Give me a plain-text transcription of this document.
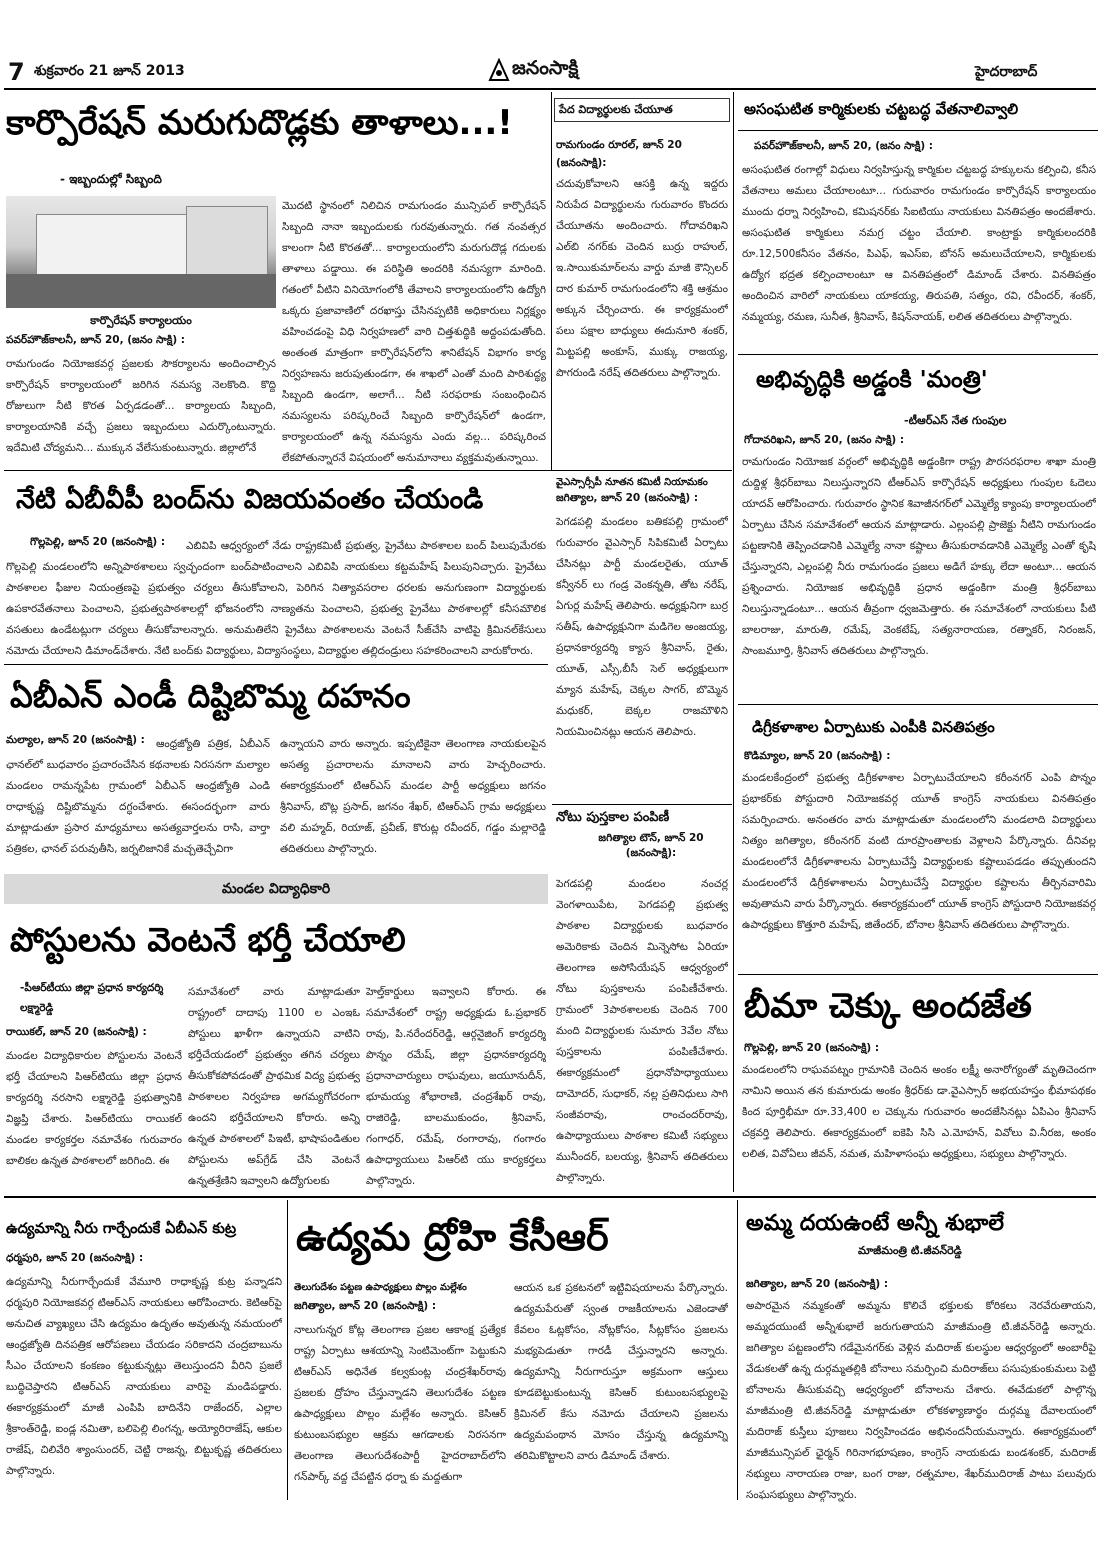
7 శుక్రవారం 21 జూన్ 2013	జనంసాక్షి	హైదరాబాద్
కార్పొరేషన్ మరుగుదొడ్లకు తాళాలు...!
- ఇబ్బందుల్లో సిబ్బంది
కార్పొరేషన్ కార్యాలయం
పవర్‌హౌజ్‌కాలనీ, జూన్ 20, (జనం సాక్షి) :

రామగుండం నియోజకవర్గ ప్రజలకు సౌకర్యాలను అందించాల్సిన కార్పొరేషన్ కార్యాలయంలో జరిగిన నమస్య నెలకొంది. కొద్ది రోజులుగా నీటి కొరత ఏర్పడడంతో... కార్యాలయ సిబ్బంది, కార్యాలయానికి వచ్చే ప్రజలు ఇబ్బందులు ఎదుర్కొంటున్నారు. ఇదేమిటి చోద్యమని... ముక్కున వేలేసుకుంటున్నారు. జిల్లాలోనే

మొదటి స్థానంలో నిలిచిన రామగుండం మున్సిపల్ కార్పొరేషన్ సిబ్బంది నానా ఇబ్బందులకు గురవుతున్నారు. గత నంవత్సర కాలంగా నీటి కొరతతో... కార్యాలయంలోని మరుగుదొడ్ల గదులకు తాళాలు పడ్డాయి. ఈ పరిస్థితి అందరికి నమస్యగా మారింది. గతంలో వీటిని వినియోగంలోకి తేవాలని కార్యాలయంలోని ఉద్యోగి ఒక్కరు ప్రజావాణిలో దరఖాస్తు చేసినప్పటికి అధికారులు నిర్లక్ష్యం వహించడంపై విధి నిర్వహణలో వారి చిత్తశుద్ధికి అద్దంపడుతోంది. అంతంత మాత్రంగా కార్పొరేషన్‌లోని శానిటేషన్ విభాగం కార్య నిర్వహణను జరుపుతుండగా, ఈ శాఖలో ఎంతో మంది పారిశుద్ధ్య సిబ్బంది ఉండగా, అలాగే... నీటి సరఫరాకు సంబంధించిన నమస్యలను పరిష్కరించే సిబ్బంది కార్పొరేషన్‌లో ఉండగా, కార్యాలయంలో ఉన్న నమస్యను ఎందు వల్ల... పరిష్కరించ లేకపోతున్నారనే విషయంలో అనుమానాలు వ్యక్తమవుతున్నాయి.

పేద విద్యార్థులకు చేయూత
రామగుండం రూరల్, జూన్ 20 (జనంసాక్షి):

చదువుకోవాలని ఆసక్తి ఉన్న ఇద్దరు నిరుపేద విద్యార్థులను గురువారం కొందరు చేయూతను అందించారు. గోదావరిఖని ఎల్‌బి నగర్‌కు చెందిన బుర్రు రాహుల్, ఇ.సాయికుమార్‌లను వార్డు మాజీ కౌన్సిలర్ దార కుమార్ రామగుండంలోని శక్తి ఆశ్రమం అక్కున చేర్చించారు. ఈ కార్యక్రమంలో పలు పక్షాల బాధ్యులు ఈదునూరి శంకర్, మిట్టపల్లి అంకూస్, ముక్కు రాజయ్య, పొగరుండి నరేష్ తదితరులు పాల్గొన్నారు.

వైఎస్సార్సీపీ నూతన కమిటీ నియామకం
జగిత్యాల, జూన్ 20 (జనంసాక్షి) :

పెగడపల్లి మండలం బతికపల్లి గ్రామంలో గురువారం వైఎస్సార్ సిపికమిటీ ఏర్పాటు చేసినట్లు పార్టీ మండలరైతు, యూత్ కన్వీనర్ లు గండ్ర వెంకన్నతి, తోట నరేష్, ఏగుర్ల మహేష్ తెలిపారు. అధ్యక్షునిగా బుర్ర సతీష్, ఉపాధ్యక్షునిగా మడిగెల అంజయ్య, ప్రధానకార్యదర్శి క్యాస శ్రీనివాస్, రైతు, యూత్, ఎస్సీ,బీసీ సెల్ అధ్యక్షులుగా మ్యాన మహేష్, చెక్కల సాగర్, బొమ్మెన మధుకర్, బెక్కల రాజమౌళిని నియమించినట్లు ఆయన తెలిపారు.

నోటు పుస్తకాల పంపిణీ
జగిత్యాల టౌన్, జూన్ 20 (జనంసాక్షి):

పెగడపల్లి మండలం నంచర్ల వెంగళాయిపేట, పెగడపల్లి ప్రభుత్వ పాఠశాల విద్యార్థులకు బుధవారం అమెరికాకు చెందిన మిన్నెసోట ఏరియా తెలంగాణ అసోసియేషన్ ఆధ్వర్యంలో నోటు పుస్తకాలను పంపిణీచేశారు. గ్రామంలో 3పాఠశాలలకు చెందిన 700 మంది విద్యార్థులకు సుమారు 3వేల నోటు పుస్తకాలను పంపిణీచేశారు. ఈకార్యక్రమంలో ప్రధానోపాధ్యాయులు దామోదర్, సుధాకర్, నల్ల ప్రతినిధులు సాగి సంజీవరావు, రాంచందర్‌రావు, ఉపాధ్యాయులు పాఠశాల కమిటీ సభ్యులు మునీందర్, బలయ్య, శ్రీనివాస్ తదితరులు పాల్గొన్నారు.

అసంఘటిత కార్మికులకు చట్టబద్ధ వేతనాలివ్వాలి
పవర్‌హౌజ్‌కాలనీ, జూన్ 20, (జనం సాక్షి) :

అసంఘటిత రంగాల్లో విధులు నిర్వహిస్తున్న కార్మికుల చట్టబద్ధ హక్కులను కల్పించి, కనీస వేతనాలు అమలు చేయాలంటూ... గురువారం రామగుండం కార్పొరేషన్ కార్యాలయం ముందు ధర్నా నిర్వహించి, కమిషనర్‌కు సిఐటియు నాయకులు వినతిపత్రం అందజేశారు. అసంఘటిత కార్మికులు నమగ్ర చట్టం చేయాలి. కాంట్రాక్టు కార్మికులందరికి రూ.12,500కనీసం వేతనం, పిఎఫ్, ఇఎస్ఐ, బోనస్ అమలుచేయాలని, కార్మికులకు ఉద్యోగ భద్రత కల్పించాలంటూ ఆ వినతిపత్రంలో డిమాండ్ చేశారు. వినతిపత్రం అందించిన వారిలో నాయకులు యాకయ్య, తిరుపతి, సత్యం, రవి, రవీందర్, శంకర్, నమ్మయ్య, రమణ, సునీత, శ్రీనివాస్, కిషన్‌నాయక్, లలిత తదితరులు పాల్గొన్నారు.

అభివృద్ధికి అడ్డంకి 'మంత్రి'
-టీఆర్‌ఎస్ నేత గుంపుల
గోదావరిఖని, జూన్ 20, (జనం సాక్షి) :

రామగుండం నియోజక వర్గంలో అభివృద్ధికి అడ్డంకిగా రాష్ట్ర పౌరసరఫరాల శాఖా మంత్రి దుద్దిళ్ల శ్రీధర్‌బాబు నిలుస్తున్నారని టీఆర్‌ఎస్ కార్పొరేషన్ అధ్యక్షులు గుంపుల ఓదెలు యాదవ్ ఆరోపించారు. గురువారం స్థానిక శివాజీనగర్‌లో ఎమ్మెల్యే క్యాంపు కార్యాలయంలో ఏర్పాటు చేసిన సమావేశంలో ఆయన మాట్లాడారు. ఎల్లంపల్లి ప్రాజెక్టు నీటిని రామగుండం పట్టణానికి తెప్పించడానికి ఎమ్మెల్యే నానా కష్టాలు తీసుకురావడానికి ఎమ్మెల్యే ఎంతో కృషి చేస్తున్నారని, ఎల్లంపల్లి నీరు రామగుండం ప్రజలు అడిగే హక్కు లేదా అంటూ... ఆయన ప్రశ్నించారు. నియోజక అభివృద్ధికి ప్రధాన అడ్డంకిగా మంత్రి శ్రీధర్‌బాబు నిలుస్తున్నాడంటూ... ఆయన తీవ్రంగా ధ్వజమెత్తారు. ఈ సమావేశంలో నాయకులు పీటి బాలరాజు, మారుతి, రమేష్, వెంకటేష్, సత్యనారాయణ, రత్నాకర్, నిరంజన్, సాంబమూర్తి, శ్రీనివాస్ తదితరులు పాల్గొన్నారు.

డిగ్రీకళాశాల ఏర్పాటుకు ఎంపీకి వినతిపత్రం
కొడిమ్యాల, జూన్ 20 (జనంసాక్షి) :

మండలకేంద్రంలో ప్రభుత్వ డిగ్రీకళాశాల ఏర్పాటుచేయాలని కరీంనగర్ ఎంపి పొన్నం ప్రభాకర్‌కు పోస్టుదారి నియోజకవర్గ యూత్ కాంగ్రెస్ నాయకులు వినతిపత్రం సమర్పించారు. అనంతరం వారు మాట్లాడుతూ మండలంలోని మండలాది విద్యార్థులు నిత్యం జగిత్యాల, కరీంనగర్ వంటి దూరప్రాంతాలకు వెళ్లాలని పేర్కొన్నారు. దీనివల్ల మండలంలోనే డిగ్రీకళాశాలను ఏర్పాటుచేస్తే విద్యార్థులకు కష్టాలుపడడం తప్పుతుందని మండలంలోనే డిగ్రీకళాశాలను ఏర్పాటుచేస్తే విద్యార్థుల కష్టాలను తీర్చినవారిమి అవుతామని వారు పేర్కొన్నారు. ఈకార్యక్రమంలో యూత్ కాంగ్రెస్ పోస్టుదారి నియోజకవర్గ ఉపాధ్యక్షులు కొత్తూరి మహేష్, జితేందర్, బోనాల శ్రీనివాస్ తదితరులు పాల్గొన్నారు.

బీమా చెక్కు అందజేత
గొల్లపెల్లి, జూన్ 20 (జనంసాక్షి) :

మండలంలోని రాఘవపట్నం గ్రామానికి చెందిన అంకం లక్ష్మీ అనారోగ్యంతో మృతిచెందగా నామిని అయిన తన కుమారుడు అంకం శ్రీధర్‌కు డా.వైఎస్సార్ అభయహస్తం భీమాపథకం కింద పూర్తిభీమా రూ.33,400 ల చెక్కును గురువారం అందజేసినట్లు ఏపిఎం శ్రీనివాస్ చక్రవర్తి తెలిపారు. ఈకార్యక్రమంలో ఐకెపి సిసి ఎ.మోహన్, వివోలు వి.నీరజ, అంకం లలిత, వివోఏలు జీవన్, నమత, మహిళాసంఘ అధ్యక్షులు, సభ్యులు పాల్గొన్నారు.

నేటి ఏబీవీపీ బంద్‌ను విజయవంతం చేయండి
గొల్లపెల్లి, జూన్ 20 (జనంసాక్షి) :	ఎబివిపి ఆధ్వర్యంలో నేడు రాష్ట్రకమిటీ ప్రభుత్వ, ప్రైవేటు పాఠశాలల బంద్ పిలుపుమేరకు గొల్లపెల్లి మండలంలోని అన్నిపాఠశాలలు స్వచ్ఛందంగా బంద్‌పాటించాలని ఎబివిపి నాయకులు కట్టమహేష్ పిలుపునిచ్చారు. ప్రైవేటు పాఠశాలల ఫీజుల నియంత్రణపై ప్రభుత్వం చర్యలు తీసుకోవాలని, పెరిగిన నిత్యావసరాల ధరలకు అనుగుణంగా విద్యార్థులకు ఉపకారవేతనాలు పెంచాలని, ప్రభుత్వపాఠశాలల్లో భోజనంలోని నాణ్యతను పెంచాలని, ప్రభుత్వ ప్రైవేటు పాఠశాలల్లో కనీసమౌలిక వసతులు ఉండేటట్లుగా చర్యలు తీసుకోవాలన్నారు. అనుమతిలేని ప్రైవేటు పాఠశాలలను వెంటనే సీజ్‌చేసి వాటిపై క్రిమినల్‌కేసులు నమోదు చేయాలని డిమాండ్‌చేశారు. నేటి బంద్‌కు విద్యార్థులు, విద్యాసంస్థలు, విద్యార్థుల తల్లిదండ్రులు సహకరించాలని వారుకోరారు.

ఏబీఎన్ ఎండీ దిష్టిబొమ్మ దహనం
మల్యాల, జూన్ 20 (జనంసాక్షి) :	ఆంధ్రజ్యోతి పత్రిక, ఏబీఎన్ ఛానల్‌లో బుధవారం ప్రచారంచేసిన కథనాలకు నిరసనగా మల్యాల మండలం రామన్నపేట గ్రామంలో ఏబీఎన్ ఆంధ్రజ్యోతి ఎండి రాధాకృష్ణ దిష్టిబొమ్మను దగ్ధంచేశారు. ఈసందర్భంగా వారు మాట్లాడుతూ ప్రసార మాధ్యమాలు అసత్యవార్తలను రాసి, వార్తా పత్రికల, ఛానల్ పరువుతీసి, జర్నలిజానికే మచ్చతెచ్చేవిగా

ఉన్నాయని వారు అన్నారు. ఇప్పటికైనా తెలంగాణ నాయకులపైన అసత్య ప్రచారాలను మానాలని వారు హెచ్చరించారు. ఈకార్యక్రమంలో టిఆర్ఎస్ మండల పార్టీ అధ్యక్షులు జగనం శ్రీనివాస్, బొట్ల ప్రసాద్, జగనం శేఖర్, టిఆర్ఎస్ గ్రామ అధ్యక్షులు వలి మహ్మద్, రియాజ్, ప్రవీణ్, కొరుట్ల రవీందర్, గడ్డం మల్లారెడ్డి తదితరులు పాల్గొన్నారు.

మండల విద్యాధికారి
పోస్టులను వెంటనే భర్తీ చేయాలి
-పీఆర్‌టీయు జిల్లా ప్రధాన కార్యదర్శి లక్ష్మారెడ్డి
రాయికల్, జూన్ 20 (జనంసాక్షి) :

మండల విద్యాధికారుల పోస్టులను వెంటనే భర్తీ చేయాలని పిఆర్‌టియు జిల్లా ప్రధాన కార్యదర్శి నరసాని లక్ష్మారెడ్డి ప్రభుత్వానికి విజ్ఞప్తి చేశారు. పిఆర్‌టియు రాయికల్ మండల కార్యకర్తల నమావేశం గురువారం బాలికల ఉన్నత పాఠశాలలో జరిగింది. ఈ

సమావేశంలో వారు మాట్లాడుతూ రాష్ట్రంలో దాదాపు 1100 ల ఎంఇఓ పోస్టులు ఖాళీగా ఉన్నాయని వాటిని భర్తీచేయడంలో ప్రభుత్వం తగిన చర్యలు తీసుకోకపోవడంతో ప్రాథమిక విద్య ప్రభుత్వ పాఠశాలల నిర్వహణ అగమ్యగోచరంగా ఉందని భర్తీచేయాలని కోరారు. అన్ని ఉన్నత పాఠశాలలో పిఇటీ, భాషాపండితుల పోస్టులను అప్‌గ్రేడ్ చేసి వెంటనే ఉన్నతశ్రేణిని ఇవ్వాలని ఉద్యోగులకు

హెల్త్‌కార్డులు ఇవ్వాలని కోరారు. ఈ సమావేశంలో రాష్ట్ర అధ్యక్షుడు ఓ.ప్రభాకర్ రావు, పి.నరేందర్‌రెడ్డి, ఆర్గనైజింగ్ కార్యదర్శి పొన్నం రమేష్, జిల్లా ప్రధానకార్యదర్శి ప్రధానాచార్యులు రాఘవులు, జయూనుదీన్, భూమయ్య శోభారాణి, చంద్రశేఖర్ రావు, రాజిరెడ్డి, బాలముకుందం, శ్రీనివాస్, గంగాధర్, రమేష్, రంగారావు, గంగారం ఉపాధ్యాయులు పిఆర్‌టి యు కార్యకర్తలు పాల్గొన్నారు.

ఉద్యమాన్ని నీరు గార్చేందుకే ఏబీఎన్ కుట్ర
ధర్మపురి, జూన్ 20 (జనంసాక్షి) :

ఉద్యమాన్ని నీరుగార్చేందుకే వేమూరి రాధాకృష్ణ కుట్ర పన్నాడని ధర్మపురి నియోజకవర్గ టిఆర్ఎస్ నాయకులు ఆరోపించారు. కెటిఆర్‌పై అనుచిత వ్యాఖ్యలు చేసి ఉద్యమం ఉదృతం అవుతున్న నమయంలో ఆంధ్రజ్యోతి దినపత్రిక ఆరోపణలు చేయడం సరికాదని చంద్రబాబును సీఎం చేయాలని కంకణం కట్టుకున్నట్లు తెలుస్తుందని వీరిని ప్రజలే బుద్ధిచెప్తారని టిఆర్ఎస్ నాయకులు వారిపై మండిపడ్డారు. ఈకార్యక్రమంలో మాజీ ఎంపిపి బాదినేని రాజేందర్, ఎల్లాల శ్రీకాంత్‌రెడ్డి, ఐండ్ల నమితా, బలిపెల్లి లింగన్న, అయ్యోరిరాజేష్, ఆకుల రాజేష్, చిలివేరి శ్యాంసుందర్, చెట్టి రాజన్న, బిట్టుకృష్ణ తదితరులు పాల్గొన్నారు.

ఉద్యమ ద్రోహి కేసీఆర్
తెలుగుదేశం పట్టణ ఉపాధ్యక్షులు పొల్లం మల్లేశం
జగిత్యాల, జూన్ 20 (జనంసాక్షి) :

నాలుగున్నర కోట్ల తెలంగాణ ప్రజల ఆకాంక్ష ప్రత్యేక రాష్ట్ర ఏర్పాటు ఆశయాన్ని సెంటిమెంట్‌గా పెట్టుకుని టిఆర్ఎస్ అధినేత కల్వకుంట్ల చంద్రశేఖర్‌రావు ప్రజలకు ద్రోహం చేస్తున్నాడని తెలుగుదేశం పట్టణ ఉపాధ్యక్షులు పొల్లం మల్లేశం అన్నారు. కెసిఆర్ కుటుంబసభ్యుల ఆక్రమ ఆగడాలకు నిరసనగా తెలంగాణ తెలుగుదేశంపార్టీ హైదరాబాద్‌లోని గన్‌పార్క్ వద్ద చేపట్టిన ధర్నా కు మద్దతుగా

ఆయన ఒక ప్రకటనలో ఇట్టివిషయాలను పేర్కొన్నారు. ఉద్యమపేరుతో స్వంత రాజకీయాలను ఎజెండాతో కేవలం ఓట్లకోసం, నోట్లకోసం, సీట్లకోసం ప్రజలను మభ్యపెడుతూ గారడీ చేస్తున్నారని అన్నారు. ఉద్యమాన్ని నీరుగారుస్తూ అక్రమంగా ఆస్తులు కూడబెట్టుకుంటున్న కెసిఆర్ కుటుంబసభ్యులపై క్రిమినల్ కేసు నమోదు చేయాలని ప్రజలను ఉద్యమపంథాన మోసం చేస్తున్న ఉద్యమాన్ని తరిమికొట్టాలని వారు డిమాండ్ చేశారు.

అమ్మ దయఉంటే అన్నీ శుభాలే
మాజీమంత్రి టి.జీవన్‌రెడ్డి
జగిత్యాల, జూన్ 20 (జనంసాక్షి) :

అపారమైన నమ్మకంతో అమ్మను కొలిచే భక్తులకు కోరికలు నెరవేరుతాయని, అమ్మదయుంటే అన్నీశుభాలే జరుగుతాయని మాజీమంత్రి టి.జీవన్‌రెడ్డి అన్నారు. జగిత్యాల పట్టణంలోని గడేమైనగర్‌కు వెళ్లిన మదిరాజ్ కులస్థుల ఆధ్వర్యంలో అంబారీపై వేడుకలతో ఉన్న దుర్గమ్మతల్లికి బోనాలు సమర్పించి మదిరాజ్‌లు పసుపుకుంకుమలు పెట్టి బోనాలను తీసుకువచ్చి ఆధ్వర్యంలో బోనాలను చేశారు. ఈవేడుకలో పాల్గొన్న మాజీమంత్రి టి.జీవన్‌రెడ్డి మాట్లాడుతూ లోకకళ్యాణార్థం దుర్గమ్మ దేవాలయంలో మదిరాజ్ కుస్తీలు పూజలు నిర్వహించడం అభినందనీయమన్నారు. ఈకార్యక్రమంలో మాజీమున్సిపల్ ఛైర్మన్ గిరినాగభూషణం, కాంగ్రెస్ నాయకుడు బండశంకర్, మదిరాజ్ నభ్యులు నారాయణ రాజు, బంగ రాజు, రత్నమాల, శేఖర్‌ముదిరాజ్ పాటు పలువురు సంఘసభ్యులు పాల్గొన్నారు.
